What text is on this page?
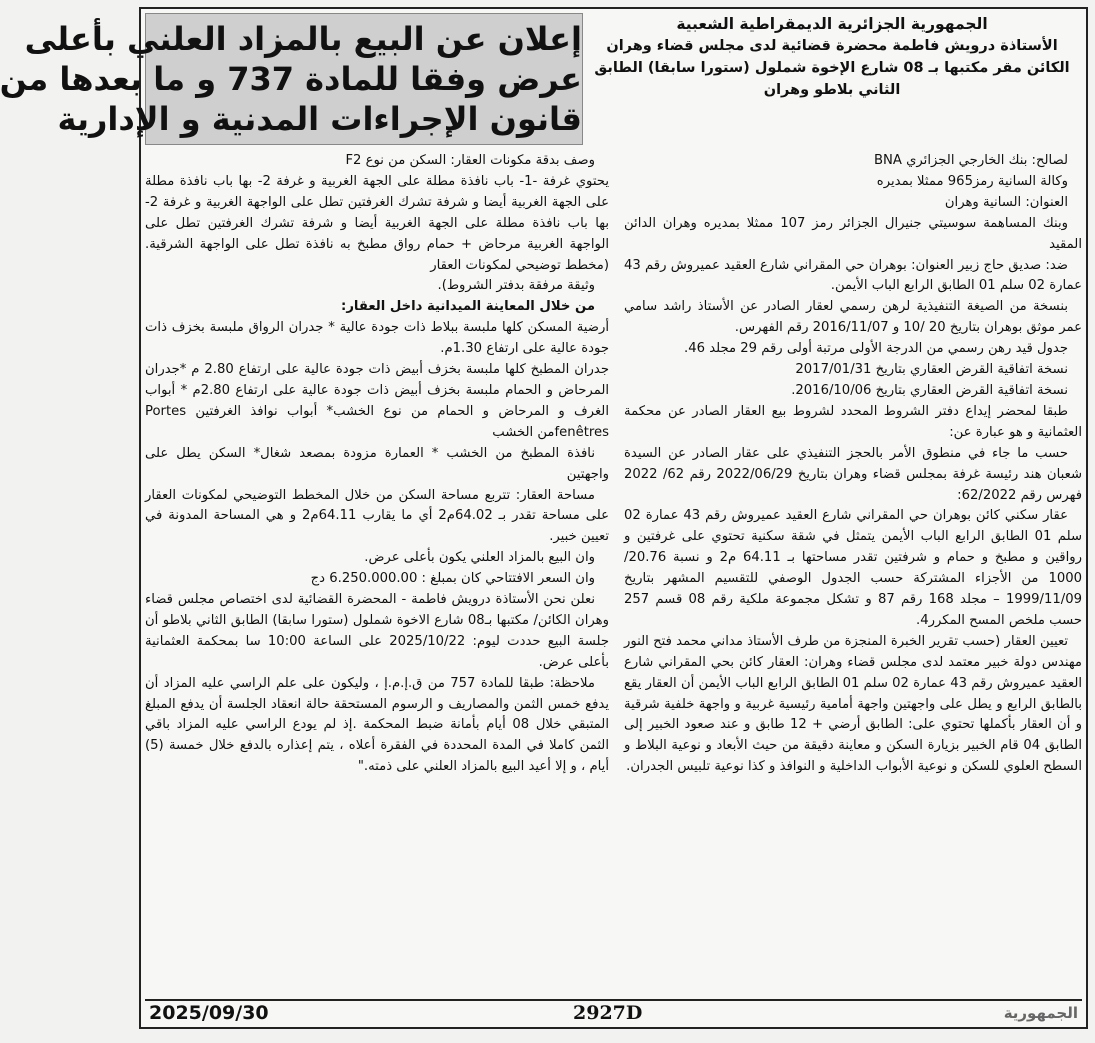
إعلان عن البيع بالمزاد العلني بأعلى
عرض وفقا للمادة 737 و ما بعدها من
قانون الإجراءات المدنية و الإدارية
الجمهورية الجزائرية الديمقراطية الشعبية
الأستاذة درويش فاطمة محضرة قضائية لدى مجلس قضاء وهران
الكائن مقر مكتبها بـ 08 شارع الإخوة شملول (ستورا سابقا) الطابق
الثاني بلاطو وهران

لصالح: بنك الخارجي الجزائري BNA

وكالة السانية رمز965 ممثلا بمديره

العنوان: السانية وهران

وبنك المساهمة سوسيتي جنيرال الجزائر رمز 107 ممثلا بمديره وهران الدائن المقيد

ضد: صديق حاج زبير العنوان: بوهران حي المقراني شارع العقيد عميروش رقم 43 عمارة 02 سلم 01 الطابق الرابع الباب الأيمن.

بنسخة من الصيغة التنفيذية لرهن رسمي لعقار الصادر عن الأستاذ راشد سامي عمر موثق بوهران بتاريخ 20 /10 و 2016/11/07 رقم الفهرس.

جدول قيد رهن رسمي من الدرجة الأولى مرتبة أولى رقم 29 مجلد 46.

نسخة اتفاقية القرض العقاري بتاريخ 2017/01/31

نسخة اتفاقية القرض العقاري بتاريخ 2016/10/06.

طبقا لمحضر إيداع دفتر الشروط المحدد لشروط بيع العقار الصادر عن محكمة العثمانية و هو عبارة عن:

حسب ما جاء في منطوق الأمر بالحجز التنفيذي على عقار الصادر عن السيدة شعبان هند رئيسة غرفة بمجلس قضاء وهران بتاريخ 2022/06/29 رقم 62/ 2022 فهرس رقم 62/2022:

عقار سكني كائن بوهران حي المقراني شارع العقيد عميروش رقم 43 عمارة 02 سلم 01 الطابق الرابع الباب الأيمن يتمثل في شقة سكنية تحتوي على غرفتين و رواقين و مطبخ و حمام و شرفتين تقدر مساحتها بـ 64.11 م2 و نسبة 20.76/ 1000 من الأجزاء المشتركة حسب الجدول الوصفي للتقسيم المشهر بتاريخ 1999/11/09 – مجلد 168 رقم 87 و تشكل مجموعة ملكية رقم 08 قسم 257 حسب ملخص المسح المكرر4.

تعيين العقار (حسب تقرير الخبرة المنجزة من طرف الأستاذ مداني محمد فتح النور مهندس دولة خبير معتمد لدى مجلس قضاء وهران: العقار كائن بحي المقراني شارع العقيد عميروش رقم 43 عمارة 02 سلم 01 الطابق الرابع الباب الأيمن أن العقار يقع بالطابق الرابع و يطل على واجهتين واجهة أمامية رئيسية غربية و واجهة خلفية شرقية و أن العقار بأكملها تحتوي على: الطابق أرضي + 12 طابق و عند صعود الخبير إلى الطابق 04 قام الخبير بزيارة السكن و معاينة دقيقة من حيث الأبعاد و نوعية البلاط و السطح العلوي للسكن و نوعية الأبواب الداخلية و النوافذ و كذا نوعية تلبيس الجدران.

وصف بدقة مكونات العقار: السكن من نوع F2

يحتوي غرفة -1- باب نافذة مطلة على الجهة الغربية و غرفة 2- بها باب نافذة مطلة على الجهة الغربية أيضا و شرفة تشرك الغرفتين تطل على الواجهة الغربية و غرفة 2- بها باب نافذة مطلة على الجهة الغربية أيضا و شرفة تشرك الغرفتين تطل على الواجهة الغربية مرحاض + حمام رواق مطبخ به نافذة تطل على الواجهة الشرقية.(مخطط توضيحي لمكونات العقار

وثيقة مرفقة بدفتر الشروط).

من خلال المعاينة الميدانية داخل العقار:

أرضية المسكن كلها ملبسة ببلاط ذات جودة عالية * جدران الرواق ملبسة بخزف ذات جودة عالية على ارتفاع 1.30م.

جدران المطبخ كلها ملبسة بخزف أبيض ذات جودة عالية على ارتفاع 2.80 م *جدران المرحاض و الحمام ملبسة بخزف أبيض ذات جودة عالية على ارتفاع 2.80م * أبواب الغرف و المرحاض و الحمام من نوع الخشب* أبواب نوافذ الغرفتين Portes fenêtresمن الخشب

نافذة المطبخ من الخشب * العمارة مزودة بمصعد شغال* السكن يطل على واجهتين

مساحة العقار: تتربع مساحة السكن من خلال المخطط التوضيحي لمكونات العقار على مساحة تقدر بـ 64.02م2 أي ما يقارب 64.11م2 و هي المساحة المدونة في تعيين خبير.

وان البيع بالمزاد العلني يكون بأعلى عرض.

وان السعر الافتتاحي كان بمبلغ : 6.250.000.00 دج

نعلن نحن الأستاذة درويش فاطمة - المحضرة القضائية لدى اختصاص مجلس قضاء وهران الكائن/ مكتبها بـ08 شارع الاخوة شملول (ستورا سابقا) الطابق الثاني بلاطو أن جلسة البيع حددت ليوم: 2025/10/22 على الساعة 10:00 سا بمحكمة العثمانية بأعلى عرض.

ملاحظة: طبقا للمادة 757 من ق.إ.م.إ ، وليكون على علم الراسي عليه المزاد أن يدفع خمس الثمن والمصاريف و الرسوم المستحقة حالة انعقاد الجلسة أن يدفع المبلغ المتبقي خلال 08 أيام بأمانة ضبط المحكمة .إذ لم يودع الراسي عليه المزاد باقي الثمن كاملا في المدة المحددة في الفقرة أعلاه ، يتم إعذاره بالدفع خلال خمسة (5) أيام ، و إلا أعيد البيع بالمزاد العلني على ذمته."

الجمهورية
2927D
2025/09/30
